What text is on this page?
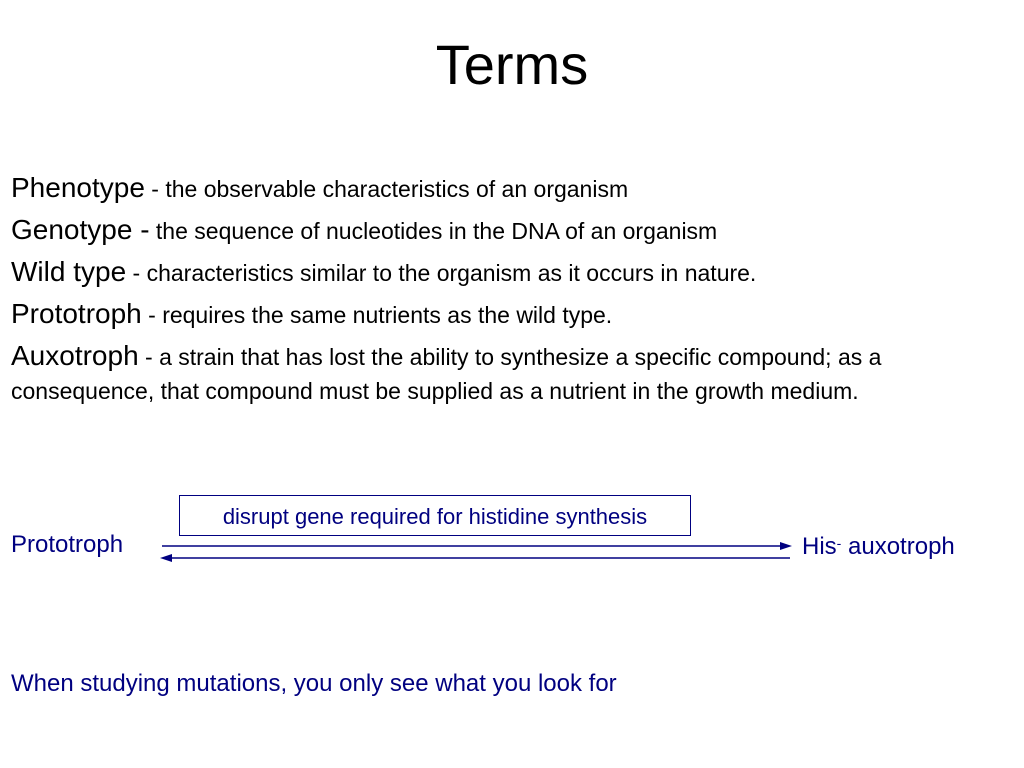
Terms
Phenotype - the observable characteristics of an organism
Genotype - the sequence of nucleotides in the DNA of an organism
Wild type - characteristics similar to the organism as it occurs in nature.
Prototroph - requires the same nutrients as the wild type.
Auxotroph - a strain that has lost the ability to synthesize a specific compound; as a consequence, that compound must be supplied as a nutrient in the growth medium.
disrupt gene required for histidine synthesis
Prototroph	His- auxotroph
When studying mutations, you only see what you look for
